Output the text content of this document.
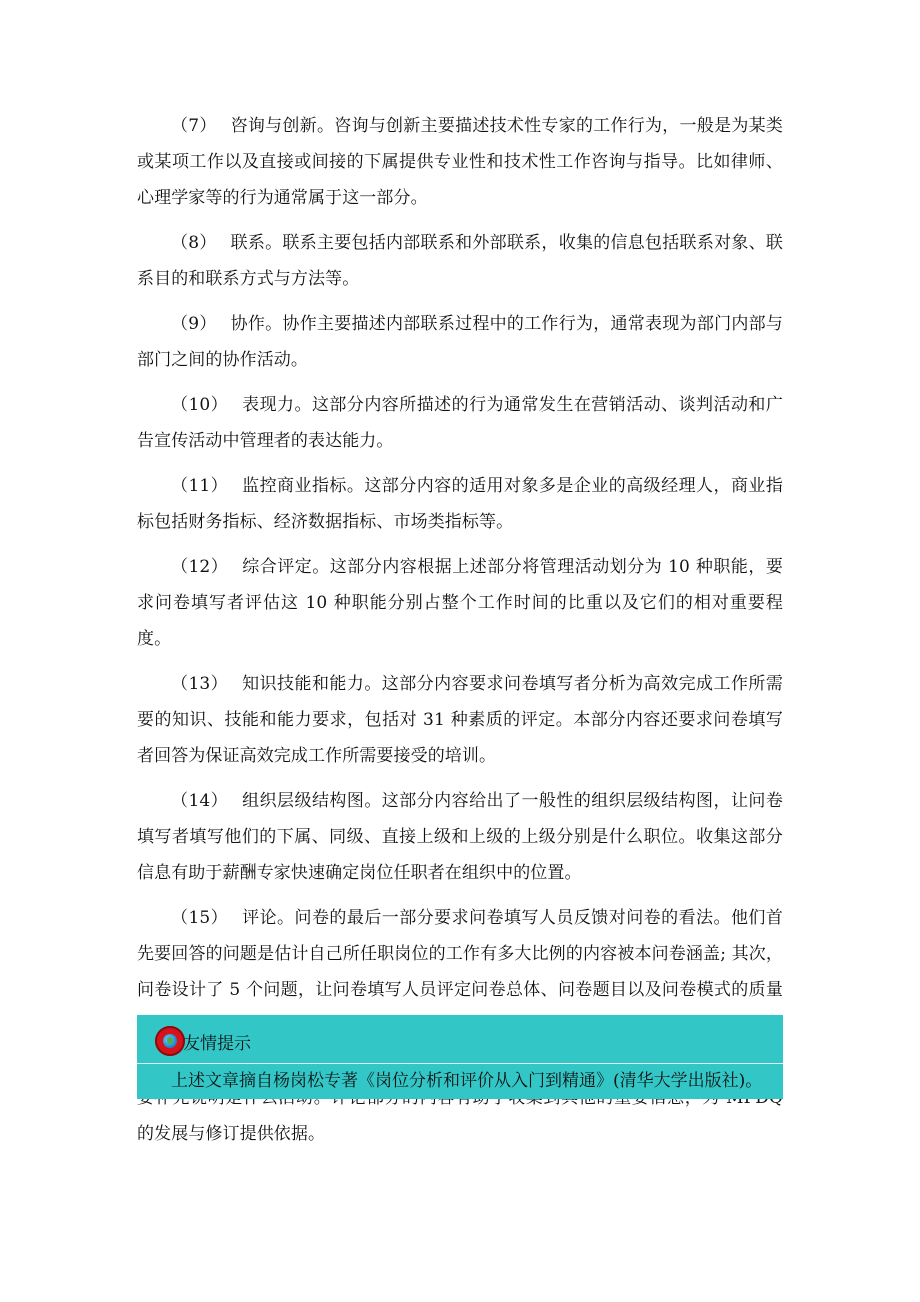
（7） 咨询与创新。咨询与创新主要描述技术性专家的工作行为，一般是为某类或某项工作以及直接或间接的下属提供专业性和技术性工作咨询与指导。比如律师、心理学家等的行为通常属于这一部分。

（8） 联系。联系主要包括内部联系和外部联系，收集的信息包括联系对象、联系目的和联系方式与方法等。

（9） 协作。协作主要描述内部联系过程中的工作行为，通常表现为部门内部与部门之间的协作活动。

（10） 表现力。这部分内容所描述的行为通常发生在营销活动、谈判活动和广告宣传活动中管理者的表达能力。

（11） 监控商业指标。这部分内容的适用对象多是企业的高级经理人，商业指标包括财务指标、经济数据指标、市场类指标等。

（12） 综合评定。这部分内容根据上述部分将管理活动划分为 10 种职能，要求问卷填写者评估这 10 种职能分别占整个工作时间的比重以及它们的相对重要程度。

（13） 知识技能和能力。这部分内容要求问卷填写者分析为高效完成工作所需要的知识、技能和能力要求，包括对 31 种素质的评定。本部分内容还要求问卷填写者回答为保证高效完成工作所需要接受的培训。

（14） 组织层级结构图。这部分内容给出了一般性的组织层级结构图，让问卷填写者填写他们的下属、同级、直接上级和上级的上级分别是什么职位。收集这部分信息有助于薪酬专家快速确定岗位任职者在组织中的位置。

（15） 评论。问卷的最后一部分要求问卷填写人员反馈对问卷的看法。他们首先要回答的问题是估计自己所任职岗位的工作有多大比例的内容被本问卷涵盖; 其次，问卷设计了 5 个问题，让问卷填写人员评定问卷总体、问卷题目以及问卷模式的质量 的发展与修订提供依据。

友情提示
上述文章摘自杨岗松专著《岗位分析和评价从入门到精通》(清华大学出版社)。
